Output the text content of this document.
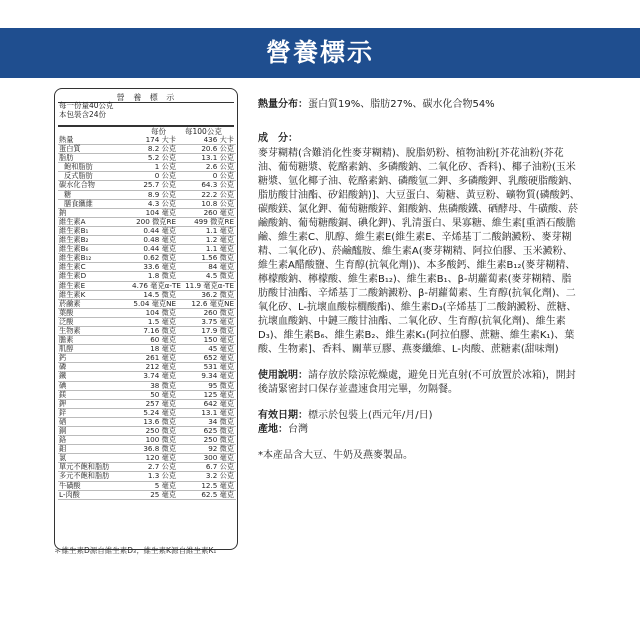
營養標示
營 養 標 示
每一份量40公克
本包裝含24份
每份	每100公克
熱量	174 大卡	436 大卡
蛋白質	8.2 公克	20.6 公克
脂肪	5.2 公克	13.1 公克
飽和脂肪	1 公克	2.6 公克
反式脂肪	0 公克	0 公克
碳水化合物	25.7 公克	64.3 公克
糖	8.9 公克	22.2 公克
膳食纖維	4.3 公克	10.8 公克
鈉	104 毫克	260 毫克
維生素A	200 微克RE	499 微克RE
維生素B₁	0.44 毫克	1.1 毫克
維生素B₂	0.48 毫克	1.2 毫克
維生素B₆	0.44 毫克	1.1 毫克
維生素B₁₂	0.62 微克	1.56 微克
維生素C	33.6 毫克	84 毫克
維生素D	1.8 微克	4.5 微克
維生素E	4.76 毫克α-TE 11.9 毫克α-TE
維生素K	14.5 微克	36.2 微克
菸鹼素	5.04 毫克NE	12.6 毫克NE
葉酸	104 微克	260 微克
泛酸	1.5 毫克	3.75 毫克
生物素	7.16 微克	17.9 微克
膽素	60 毫克	150 毫克
肌醇	18 毫克	45 毫克
鈣	261 毫克	652 毫克
磷	212 毫克	531 毫克
鐵	3.74 毫克	9.34 毫克
碘	38 微克	95 微克
鎂	50 毫克	125 毫克
鉀	257 毫克	642 毫克
鋅	5.24 毫克	13.1 毫克
硒	13.6 微克	34 微克
銅	250 微克	625 微克
鉻	100 微克	250 微克
鉬	36.8 微克	92 微克
氯	120 毫克	300 毫克
單元不飽和脂肪	2.7 公克	6.7 公克
多元不飽和脂肪	1.3 公克	3.2 公克
牛磺酸	5 毫克	12.5 毫克
L-肉酸	25 毫克	62.5 毫克
＊維生素D源自維生素D₃；維生素K源自維生素K₁

熱量分布：蛋白質19%、脂肪27%、碳水化合物54%

成　分：

麥芽糊精(含難消化性麥芽糊精)、脫脂奶粉、植物油粉[芥花油粉(芥花油、葡萄糖漿、乾酪素鈉、多磷酸鈉、二氧化矽、香料)、椰子油粉(玉米糖漿、氫化椰子油、乾酪素鈉、磷酸氫二鉀、多磷酸鉀、乳酸硬脂酸鈉、脂肪酸甘油酯、矽鋁酸鈉)]、大豆蛋白、菊糖、黃豆粉、礦物質(磷酸鈣、碳酸鎂、氯化鉀、葡萄糖酸鋅、鉬酸鈉、焦磷酸鐵、硒酵母、牛磺酸、菸鹼酸鈉、葡萄糖酸銅、碘化鉀)、乳清蛋白、果寡糖、維生素[重酒石酸膽鹼、維生素C、肌醇、維生素E(維生素E、辛烯基丁二酸鈉澱粉、麥芽糊精、二氧化矽)、菸鹼醯胺、維生素A(麥芽糊精、阿拉伯膠、玉米澱粉、維生素A醋酸鹽、生育醇(抗氧化劑))、本多酸鈣、維生素B₁₂(麥芽糊精、檸檬酸鈉、檸檬酸、維生素B₁₂)、維生素B₁、β-胡蘿蔔素(麥芽糊精、脂肪酸甘油酯、辛烯基丁二酸鈉澱粉、β-胡蘿蔔素、生育醇(抗氧化劑)、二氧化矽、L-抗壞血酸棕櫚酸酯)、維生素D₃(辛烯基丁二酸鈉澱粉、蔗糖、抗壞血酸鈉、中鏈三酸甘油酯、二氧化矽、生育醇(抗氧化劑)、維生素D₃)、維生素B₆、維生素B₂、維生素K₁(阿拉伯膠、蔗糖、維生素K₁)、葉酸、生物素]、香料、關華豆膠、燕麥纖維、L-肉酸、蔗糖素(甜味劑)

使用說明：請存放於陰涼乾燥處，避免日光直射(不可放置於冰箱)，開封後請緊密封口保存並盡速食用完畢，勿隔餐。

有效日期：標示於包裝上(西元年/月/日)

產地：台灣

*本產品含大豆、牛奶及燕麥製品。
